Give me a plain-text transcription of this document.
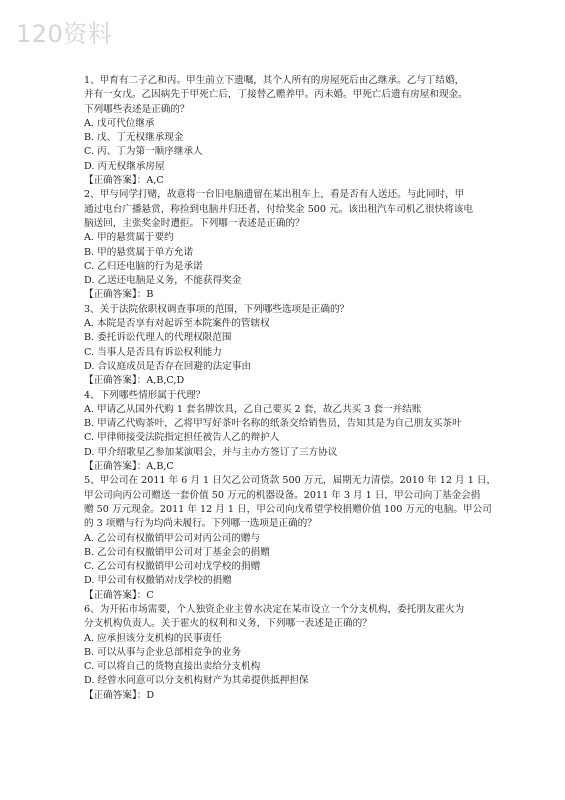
120资料
1、甲育有二子乙和丙。甲生前立下遗嘱，其个人所有的房屋死后由乙继承。乙与丁结婚，
并有一女戊。乙因病先于甲死亡后，丁接替乙赡养甲。丙未婚。甲死亡后遗有房屋和现金。
下列哪些表述是正确的？
A. 戊可代位继承
B. 戊、丁无权继承现金
C. 丙、丁为第一顺序继承人
D. 丙无权继承房屋
【正确答案】：A,C
2、甲与同学打赌，故意将一台旧电脑遗留在某出租车上，看是否有人送还。与此同时，甲
通过电台广播悬赏，称捡到电脑并归还者，付给奖金 500 元。该出租汽车司机乙很快将该电
脑送回，主张奖金时遭拒。下列哪一表述是正确的？
A. 甲的悬赏属于要约
B. 甲的悬赏属于单方允诺
C. 乙归还电脑的行为是承诺
D. 乙送还电脑是义务，不能获得奖金
【正确答案】：B
3、关于法院依职权调查事项的范围，下列哪些选项是正确的？
A. 本院是否享有对起诉至本院案件的管辖权
B. 委托诉讼代理人的代理权限范围
C. 当事人是否具有诉讼权利能力
D. 合议庭成员是否存在回避的法定事由
【正确答案】：A,B,C,D
4、下列哪些情形属于代理？
A. 甲请乙从国外代购 1 套名牌饮具，乙自己要买 2 套，故乙共买 3 套一并结账
B. 甲请乙代购茶叶，乙将甲写好茶叶名称的纸条交给销售员，告知其是为自己朋友买茶叶
C. 甲律师接受法院指定担任被告人乙的辩护人
D. 甲介绍歌星乙参加某演唱会，并与主办方签订了三方协议
【正确答案】：A,B,C
5、甲公司在 2011 年 6 月 1 日欠乙公司货款 500 万元，届期无力清偿。2010 年 12 月 1 日，
甲公司向丙公司赠送一套价值 50 万元的机器设备。2011 年 3 月 1 日，甲公司向丁基金会捐
赠 50 万元现金。2011 年 12 月 1 日，甲公司向戊希望学校捐赠价值 100 万元的电脑。甲公司
的 3 项赠与行为均尚未履行。下列哪一选项是正确的？
A. 乙公司有权撤销甲公司对丙公司的赠与
B. 乙公司有权撤销甲公司对丁基金会的捐赠
C. 乙公司有权撤销甲公司对戊学校的捐赠
D. 甲公司有权撤销对戊学校的捐赠
【正确答案】：C
6、为开拓市场需要，个人独资企业主曾水决定在某市设立一个分支机构，委托朋友霍火为
分支机构负责人。关于霍火的权利和义务，下列哪一表述是正确的？
A. 应承担该分支机构的民事责任
B. 可以从事与企业总部相竞争的业务
C. 可以将自己的货物直接出卖给分支机构
D. 经曾水同意可以分支机构财产为其弟提供抵押担保
【正确答案】：D
